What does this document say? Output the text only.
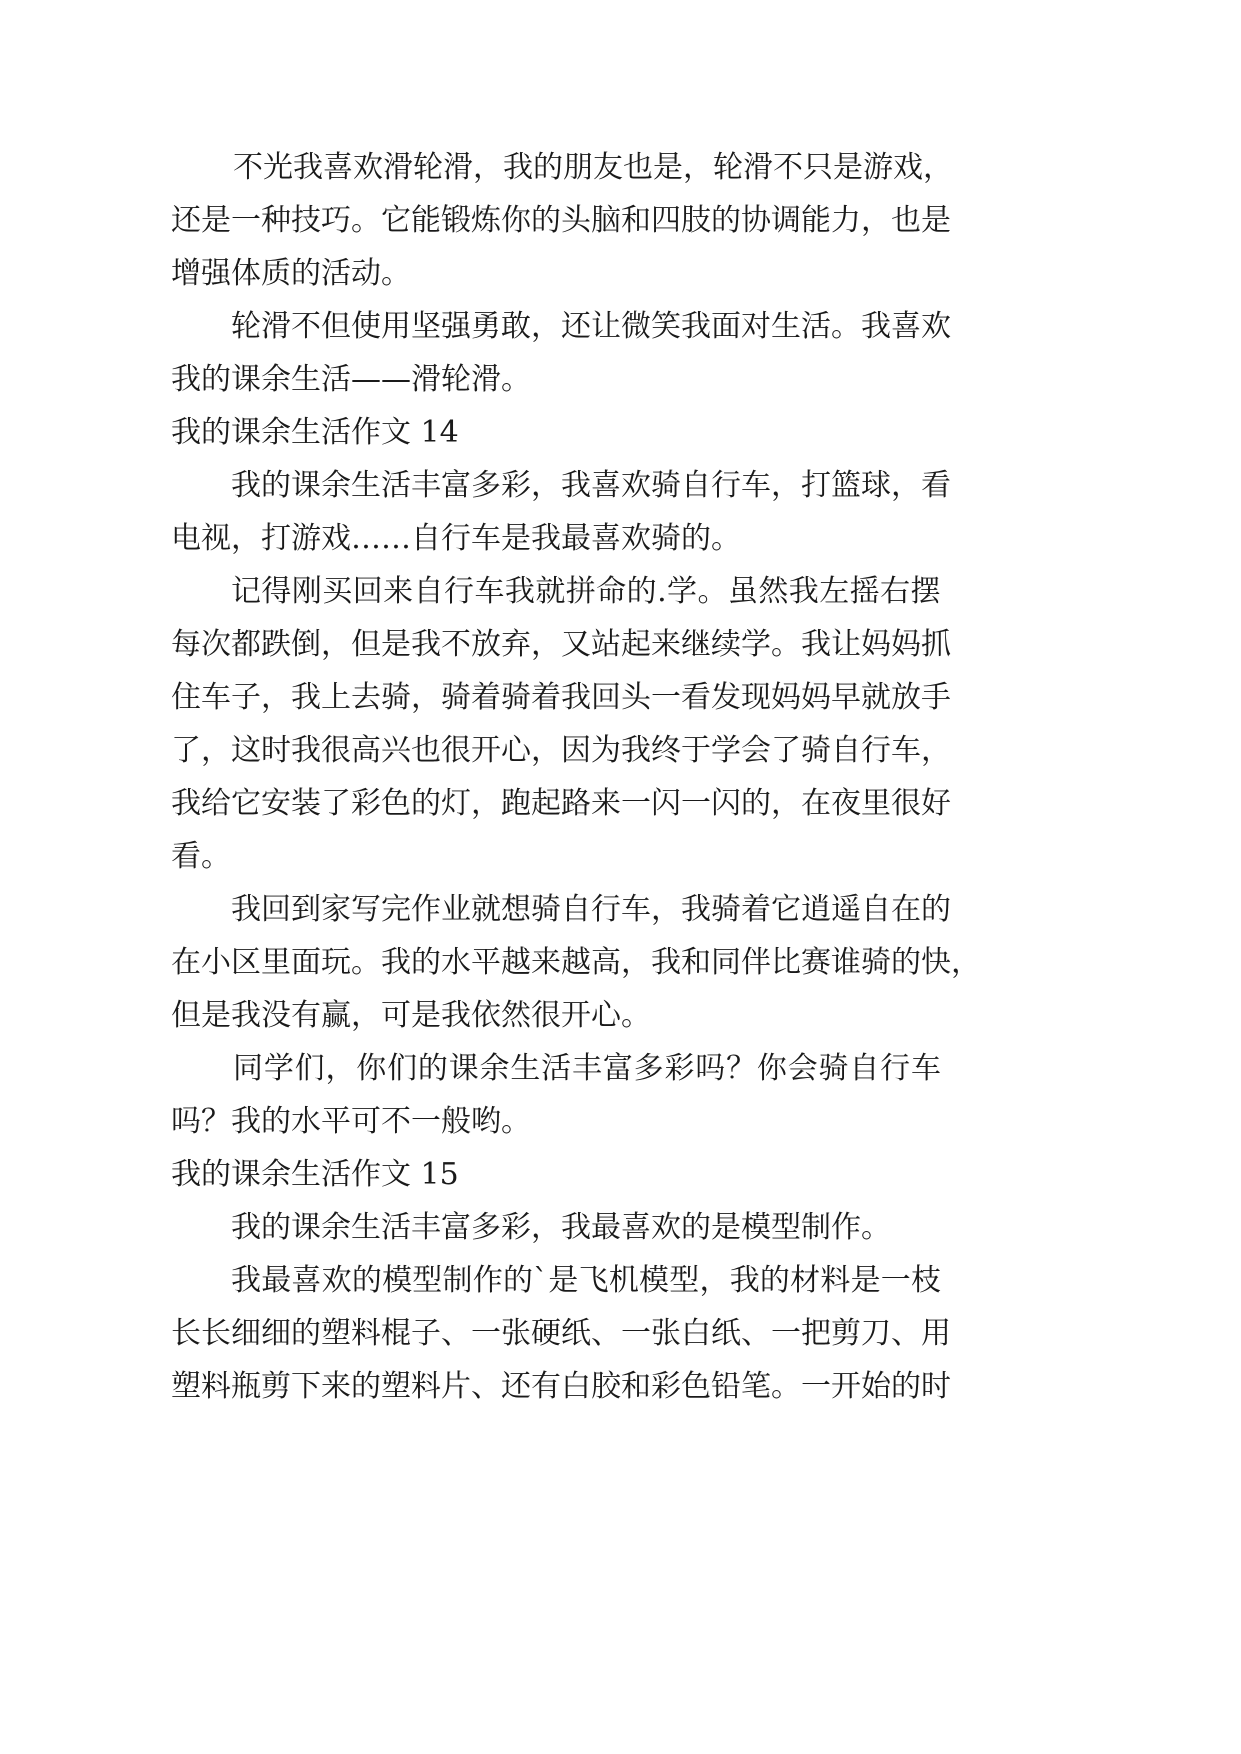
不光我喜欢滑轮滑，我的朋友也是，轮滑不只是游戏，

还是一种技巧。它能锻炼你的头脑和四肢的协调能力，也是

增强体质的活动。

轮滑不但使用坚强勇敢，还让微笑我面对生活。我喜欢

我的课余生活——滑轮滑。

我的课余生活作文 14

我的课余生活丰富多彩，我喜欢骑自行车，打篮球，看

电视，打游戏……自行车是我最喜欢骑的。

记得刚买回来自行车我就拼命的.学。虽然我左摇右摆

每次都跌倒，但是我不放弃，又站起来继续学。我让妈妈抓

住车子，我上去骑，骑着骑着我回头一看发现妈妈早就放手

了，这时我很高兴也很开心，因为我终于学会了骑自行车，

我给它安装了彩色的灯，跑起路来一闪一闪的，在夜里很好

看。

我回到家写完作业就想骑自行车，我骑着它逍遥自在的

在小区里面玩。我的水平越来越高，我和同伴比赛谁骑的快，

但是我没有赢，可是我依然很开心。

同学们，你们的课余生活丰富多彩吗？你会骑自行车

吗？我的水平可不一般哟。

我的课余生活作文 15

我的课余生活丰富多彩，我最喜欢的是模型制作。

我最喜欢的模型制作的`是飞机模型，我的材料是一枝

长长细细的塑料棍子、一张硬纸、一张白纸、一把剪刀、用

塑料瓶剪下来的塑料片、还有白胶和彩色铅笔。一开始的时
